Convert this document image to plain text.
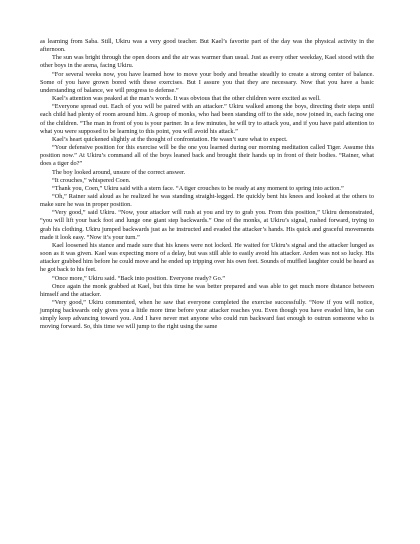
as learning from Saba. Still, Ukiru was a very good teacher. But Kael’s favorite part of the day was the physical activity in the afternoon.

The sun was bright through the open doors and the air was warmer than usual. Just as every other weekday, Kael stood with the other boys in the arena, facing Ukiru.

“For several weeks now, you have learned how to move your body and breathe steadily to create a strong center of balance. Some of you have grown bored with these exercises. But I assure you that they are necessary. Now that you have a basic understanding of balance, we will progress to defense.”

Kael’s attention was peaked at the man’s words. It was obvious that the other children were excited as well.

“Everyone spread out. Each of you will be paired with an attacker.” Ukiru walked among the boys, directing their steps until each child had plenty of room around him. A group of monks, who had been standing off to the side, now joined in, each facing one of the children. “The man in front of you is your partner. In a few minutes, he will try to attack you, and if you have paid attention to what you were supposed to be learning to this point, you will avoid his attack.”

Kael’s heart quickened slightly at the thought of confrontation. He wasn’t sure what to expect.

“Your defensive position for this exercise will be the one you learned during our morning meditation called Tiger. Assume this position now.” At Ukiru’s command all of the boys leaned back and brought their hands up in front of their bodies. “Rainer, what does a tiger do?”

The boy looked around, unsure of the correct answer.

“It crouches,” whispered Coen.

“Thank you, Coen,” Ukiru said with a stern face. “A tiger crouches to be ready at any moment to spring into action.”

“Oh,” Rainer said aloud as he realized he was standing straight-legged. He quickly bent his knees and looked at the others to make sure he was in proper position.

“Very good,” said Ukiru. “Now, your attacker will rush at you and try to grab you. From this position,” Ukiru demonstrated, “you will lift your back foot and lunge one giant step backwards.” One of the monks, at Ukiru’s signal, rushed forward, trying to grab his clothing. Ukiru jumped backwards just as he instructed and evaded the attacker’s hands. His quick and graceful movements made it look easy. “Now it’s your turn.”

Kael loosened his stance and made sure that his knees were not locked. He waited for Ukiru’s signal and the attacker lunged as soon as it was given. Kael was expecting more of a delay, but was still able to easily avoid his attacker. Arden was not so lucky. His attacker grabbed him before he could move and he ended up tripping over his own feet. Sounds of muffled laughter could be heard as he got back to his feet.

“Once more,” Ukiru said. “Back into position. Everyone ready? Go.”

Once again the monk grabbed at Kael, but this time he was better prepared and was able to get much more distance between himself and the attacker.

“Very good,” Ukiru commented, when he saw that everyone completed the exercise successfully. “Now if you will notice, jumping backwards only gives you a little more time before your attacker reaches you. Even though you have evaded him, he can simply keep advancing toward you. And I have never met anyone who could run backward fast enough to outrun someone who is moving forward. So, this time we will jump to the right using the same
